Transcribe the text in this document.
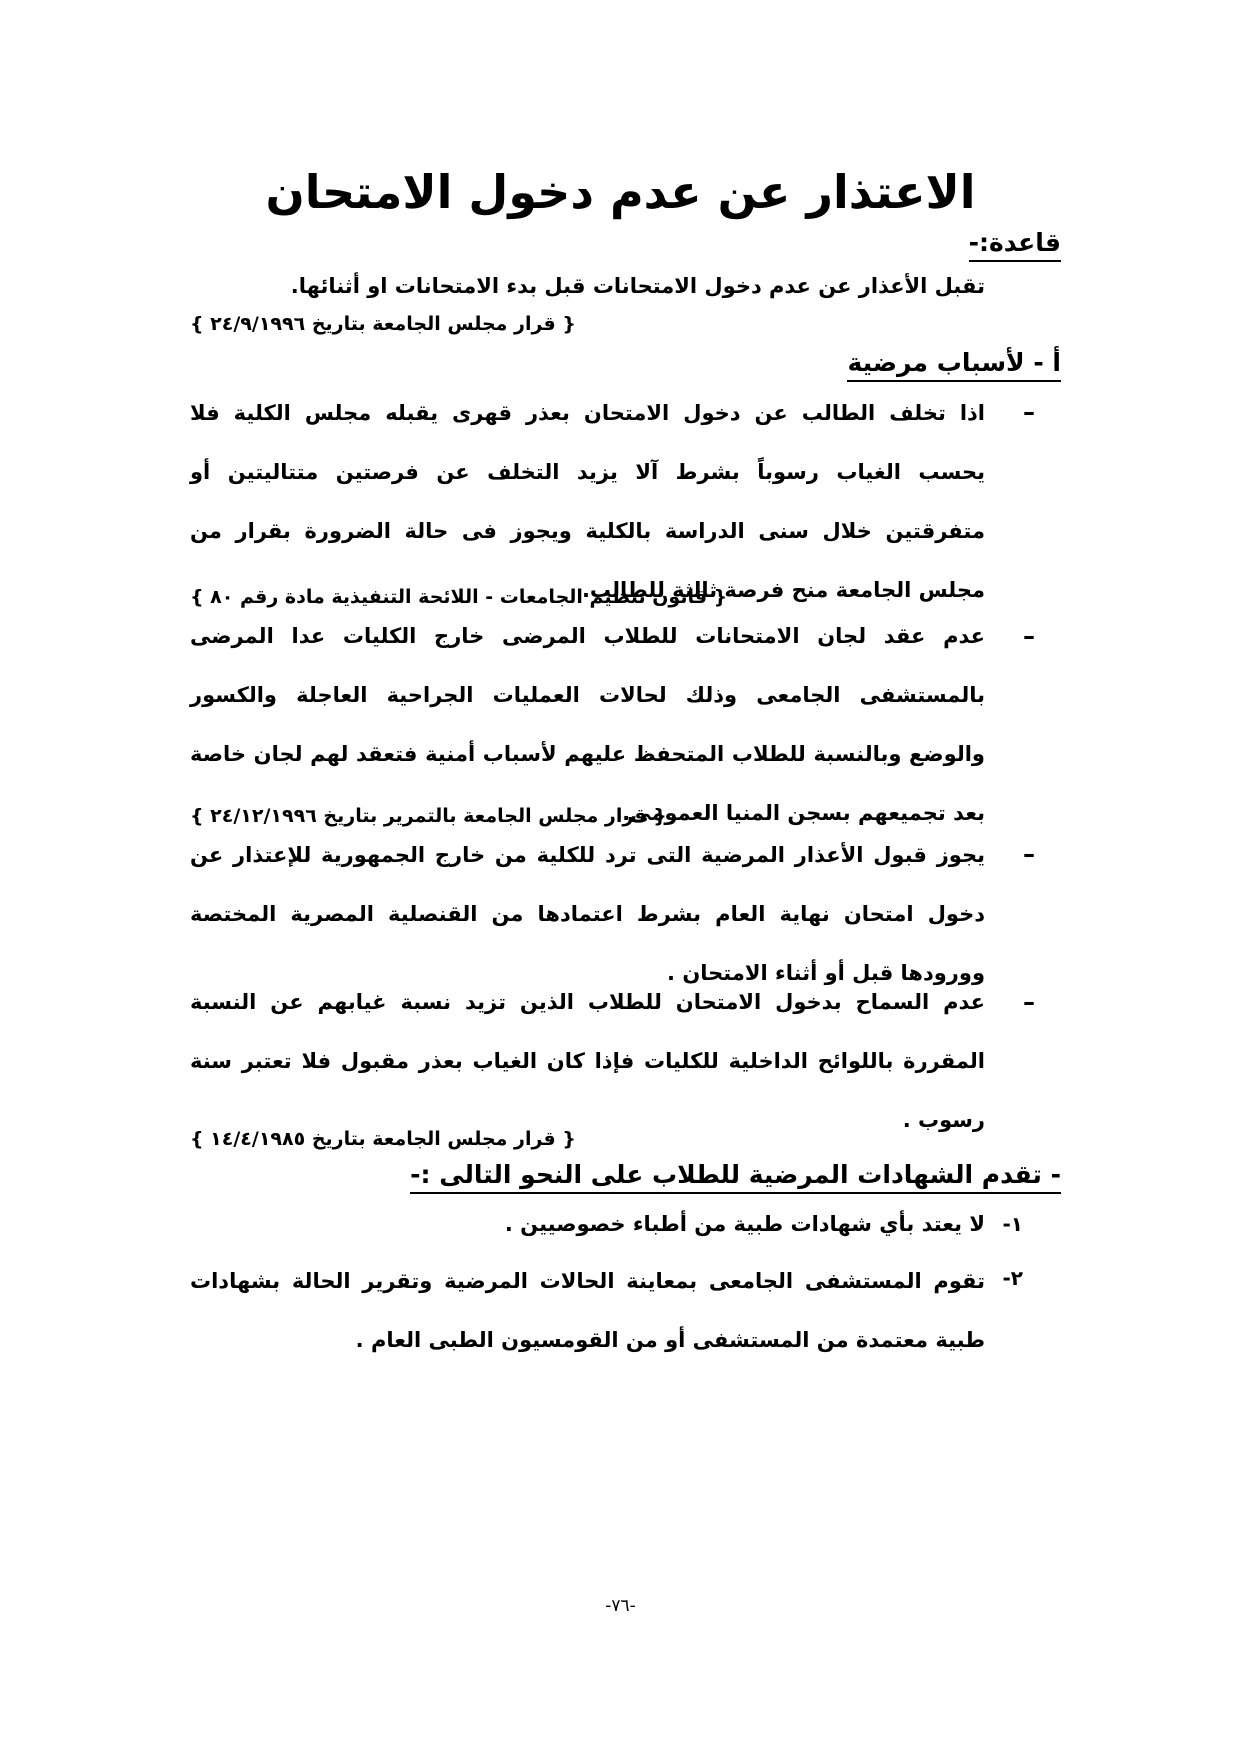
الاعتذار عن عدم دخول الامتحان
قاعدة:-
تقبل الأعذار عن عدم دخول الامتحانات قبل بدء الامتحانات او أثنائها.
{ قرار مجلس الجامعة بتاريخ ٢٤/٩/١٩٩٦ }
أ - لأسباب مرضية
–
اذا تخلف الطالب عن دخول الامتحان بعذر قهرى يقبله مجلس الكلية فلا يحسب الغياب رسوباً بشرط آلا يزيد التخلف عن فرصتين متتاليتين أو متفرقتين خلال سنى الدراسة بالكلية ويجوز فى حالة الضرورة بقرار من مجلس الجامعة منح فرصة ثالثة للطالب.
{ قانون تنظيم الجامعات - اللائحة التنفيذية مادة رقم ٨٠ }
–
عدم عقد لجان الامتحانات للطلاب المرضى خارج الكليات عدا المرضى بالمستشفى الجامعى وذلك لحالات العمليات الجراحية العاجلة والكسور والوضع وبالنسبة للطلاب المتحفظ عليهم لأسباب أمنية فتعقد لهم لجان خاصة بعد تجميعهم بسجن المنيا العمومى.
{ قرار مجلس الجامعة بالتمرير بتاريخ ٢٤/١٢/١٩٩٦ }
–
يجوز قبول الأعذار المرضية التى ترد للكلية من خارج الجمهورية للإعتذار عن دخول امتحان نهاية العام بشرط اعتمادها من القنصلية المصرية المختصة وورودها قبل أو أثناء الامتحان .
–
عدم السماح بدخول الامتحان للطلاب الذين تزيد نسبة غيابهم عن النسبة المقررة باللوائح الداخلية للكليات فإذا كان الغياب بعذر مقبول فلا تعتبر سنة رسوب .
{ قرار مجلس الجامعة بتاريخ ١٤/٤/١٩٨٥ }
- تقدم الشهادات المرضية للطلاب على النحو التالى :-
١-
لا يعتد بأي شهادات طبية من أطباء خصوصيين .
٢-
تقوم المستشفى الجامعى بمعاينة الحالات المرضية وتقرير الحالة بشهادات طبية معتمدة من المستشفى أو من القومسيون الطبى العام .
-٧٦-
